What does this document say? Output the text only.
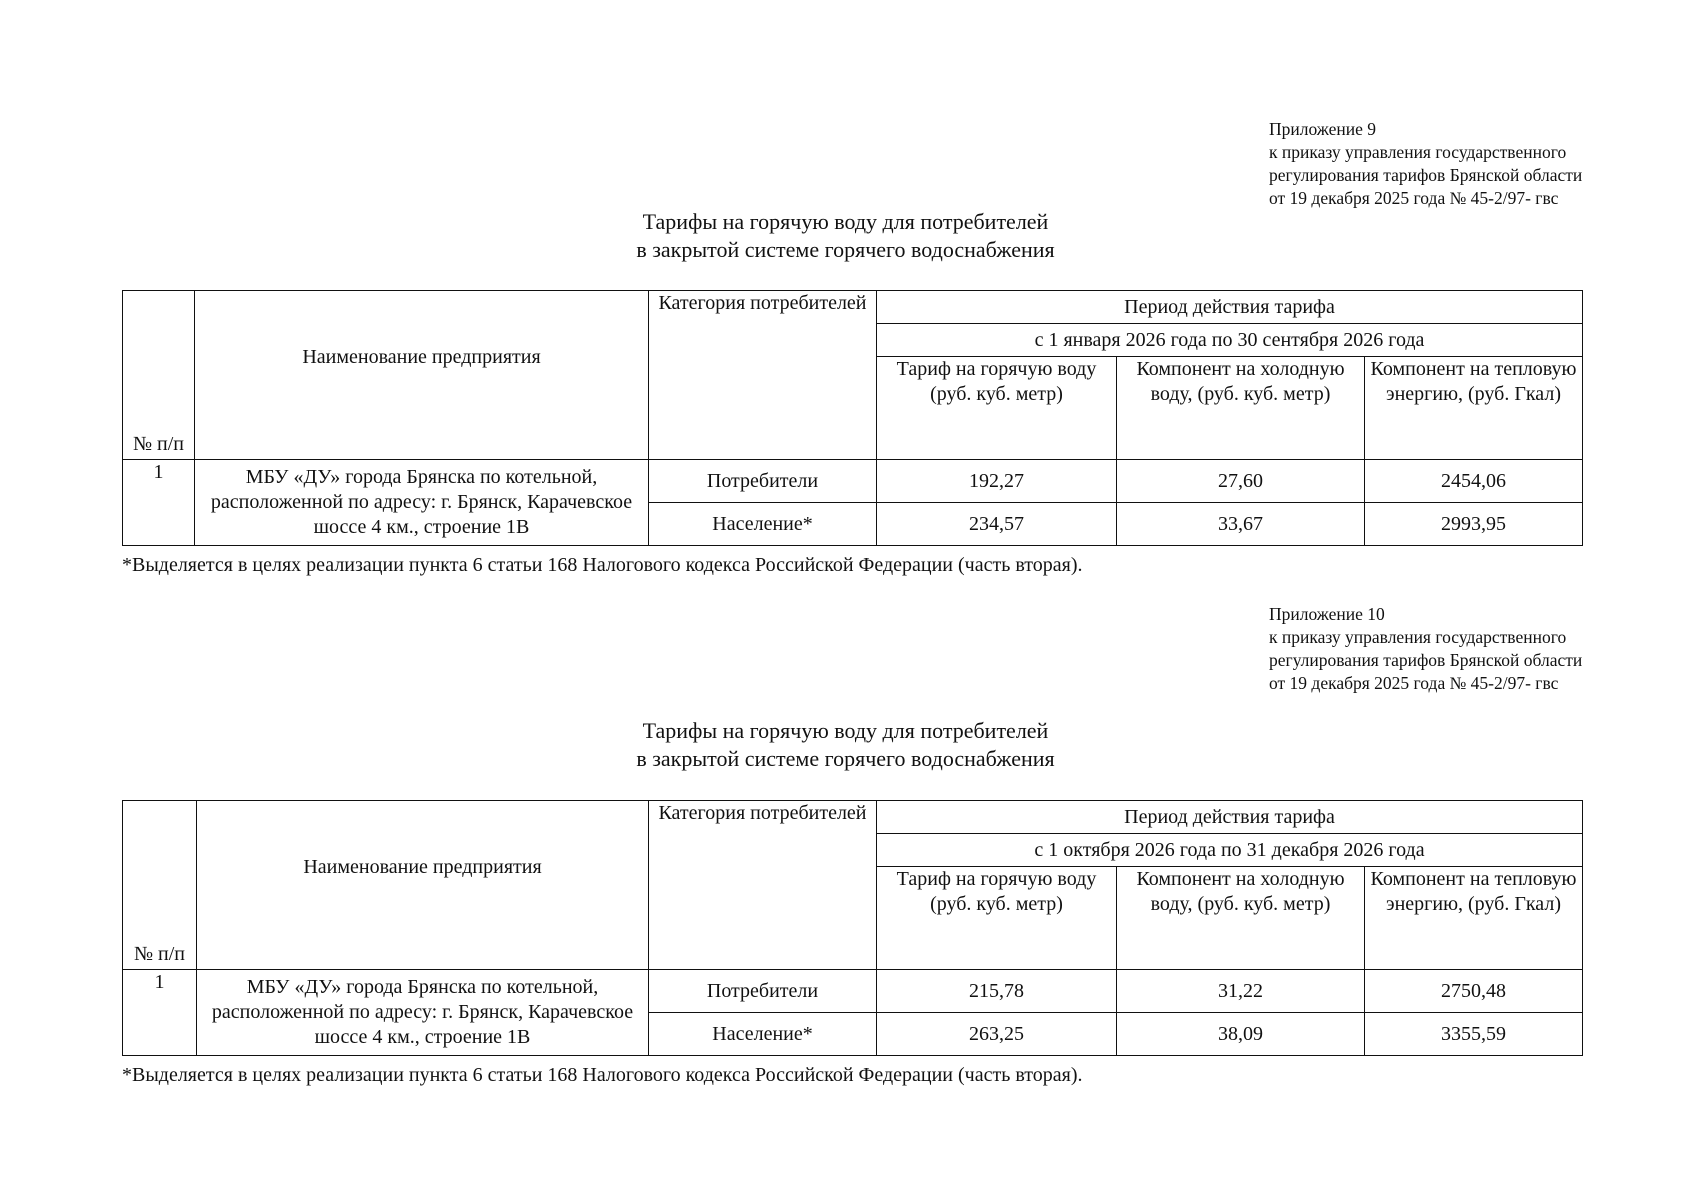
Приложение 9
к приказу управления государственного
регулирования тарифов Брянской области
от 19 декабря 2025 года № 45-2/97- гвс
Тарифы на горячую воду для потребителей
в закрытой системе горячего водоснабжения
№ п/п	Наименование предприятия	Категория потребителей	Период действия тарифа		
			с 1 января 2026 года по 30 сентября 2026 года		
			Тариф на горячую воду (руб. куб. метр)	Компонент на холодную воду, (руб. куб. метр)	Компонент на тепловую энергию, (руб. Гкал)
1	МБУ «ДУ» города Брянска по котельной, расположенной по адресу: г. Брянск, Карачевское шоссе 4 км., строение 1В	Потребители	192,27	27,60	2454,06
		Население*	234,57	33,67	2993,95
*Выделяется в целях реализации пункта 6 статьи 168 Налогового кодекса Российской Федерации (часть вторая).
Приложение 10
к приказу управления государственного
регулирования тарифов Брянской области
от 19 декабря 2025 года № 45-2/97- гвс
Тарифы на горячую воду для потребителей
в закрытой системе горячего водоснабжения
№ п/п	Наименование предприятия	Категория потребителей	Период действия тарифа		
			с 1 октября 2026 года по 31 декабря 2026 года		
			Тариф на горячую воду (руб. куб. метр)	Компонент на холодную воду, (руб. куб. метр)	Компонент на тепловую энергию, (руб. Гкал)
1	МБУ «ДУ» города Брянска по котельной, расположенной по адресу: г. Брянск, Карачевское шоссе 4 км., строение 1В	Потребители	215,78	31,22	2750,48
		Население*	263,25	38,09	3355,59
*Выделяется в целях реализации пункта 6 статьи 168 Налогового кодекса Российской Федерации (часть вторая).
